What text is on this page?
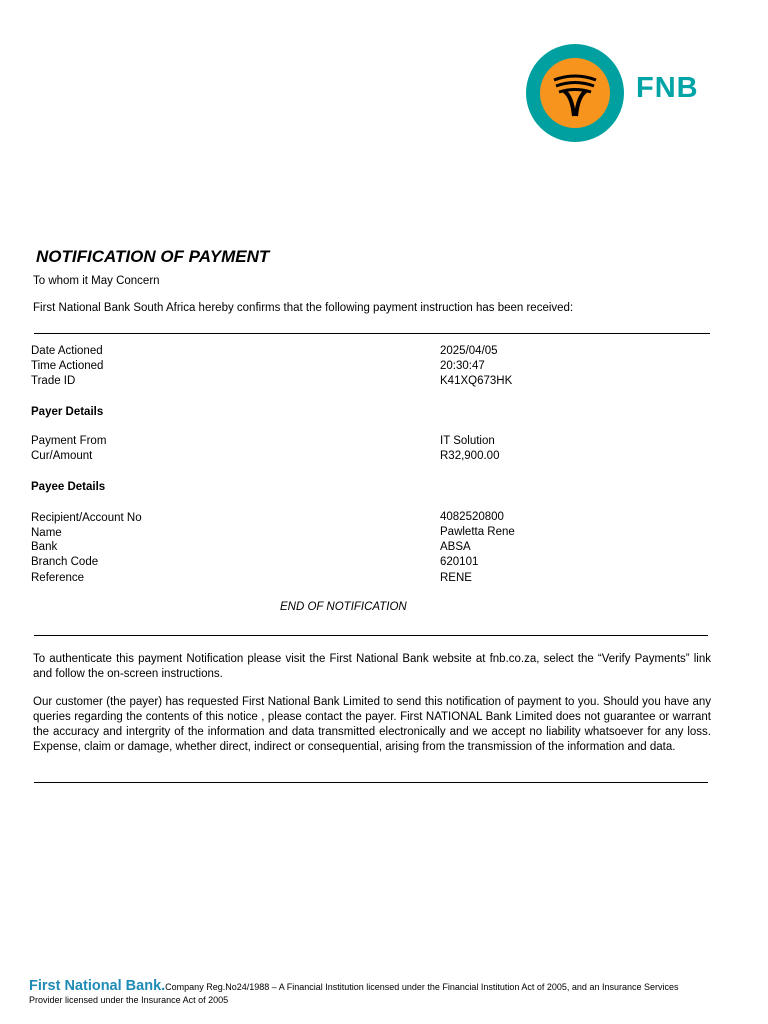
FNB
NOTIFICATION OF PAYMENT
To whom it May Concern
First National Bank South Africa hereby confirms that the following payment instruction has been received:
Date Actioned	2025/04/05
Time Actioned	20:30:47
Trade ID	K41XQ673HK
Payer Details
Payment From	IT Solution
Cur/Amount	R32,900.00
Payee Details
Recipient/Account No	4082520800
Name	Pawletta Rene
Bank	ABSA
Branch Code	620101
Reference	RENE
END OF NOTIFICATION
To authenticate this payment Notification please visit the First National Bank website at fnb.co.za, select the “Verify Payments” link and follow the on-screen instructions.
Our customer (the payer) has requested First National Bank Limited to send this notification of payment to you. Should you have any queries regarding the contents of this notice , please contact the payer. First NATIONAL Bank Limited does not guarantee or warrant the accuracy and intergrity of the information and data transmitted electronically and we accept no liability whatsoever for any loss. Expense, claim or damage, whether direct, indirect or consequential, arising from the transmission of the information and data.
First National Bank.Company Reg.No24/1988 – A Financial Institution licensed under the Financial Institution Act of 2005, and an Insurance Services Provider licensed under the Insurance Act of 2005
